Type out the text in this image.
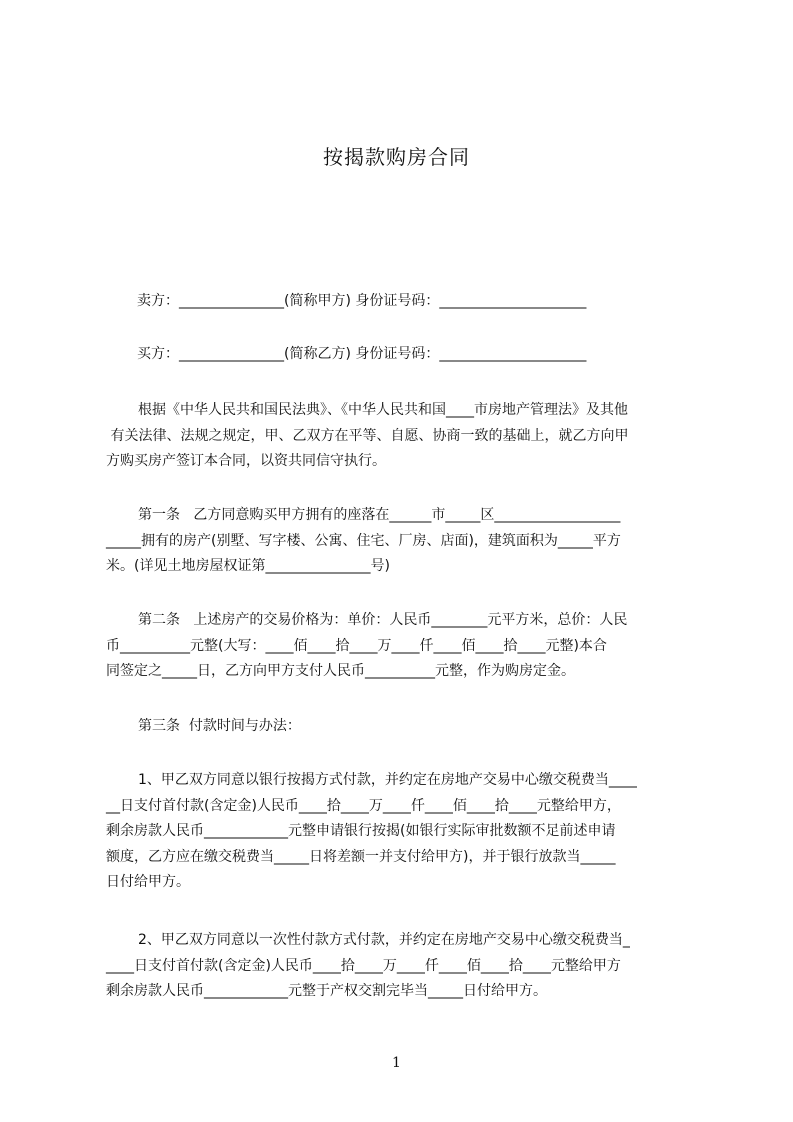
按揭款购房合同
卖方：_______________(简称甲方) 身份证号码：_____________________
买方：_______________(简称乙方) 身份证号码：_____________________

根据《中华人民共和国民法典》、《中华人民共和国____市房地产管理法》及其他

有关法律、法规之规定，甲、乙双方在平等、自愿、协商一致的基础上，就乙方向甲

方购买房产签订本合同，以资共同信守执行。

第一条   乙方同意购买甲方拥有的座落在______市_____区__________________

_____拥有的房产(别墅、写字楼、公寓、住宅、厂房、店面)，建筑面积为_____平方

米。(详见土地房屋权证第_______________号)

第二条   上述房产的交易价格为：单价：人民币________元平方米，总价：人民

币__________元整(大写：____佰____拾____万____仟____佰____拾____元整)本合

同签定之_____日，乙方向甲方支付人民币__________元整，作为购房定金。

第三条  付款时间与办法：

1、甲乙双方同意以银行按揭方式付款，并约定在房地产交易中心缴交税费当____

__日支付首付款(含定金)人民币____拾____万____仟____佰____拾____元整给甲方，

剩余房款人民币____________元整申请银行按揭(如银行实际审批数额不足前述申请

额度，乙方应在缴交税费当_____日将差额一并支付给甲方)，并于银行放款当_____

日付给甲方。

2、甲乙双方同意以一次性付款方式付款，并约定在房地产交易中心缴交税费当_

____日支付首付款(含定金)人民币____拾____万____仟____佰____拾____元整给甲方

剩余房款人民币____________元整于产权交割完毕当_____日付给甲方。

1
